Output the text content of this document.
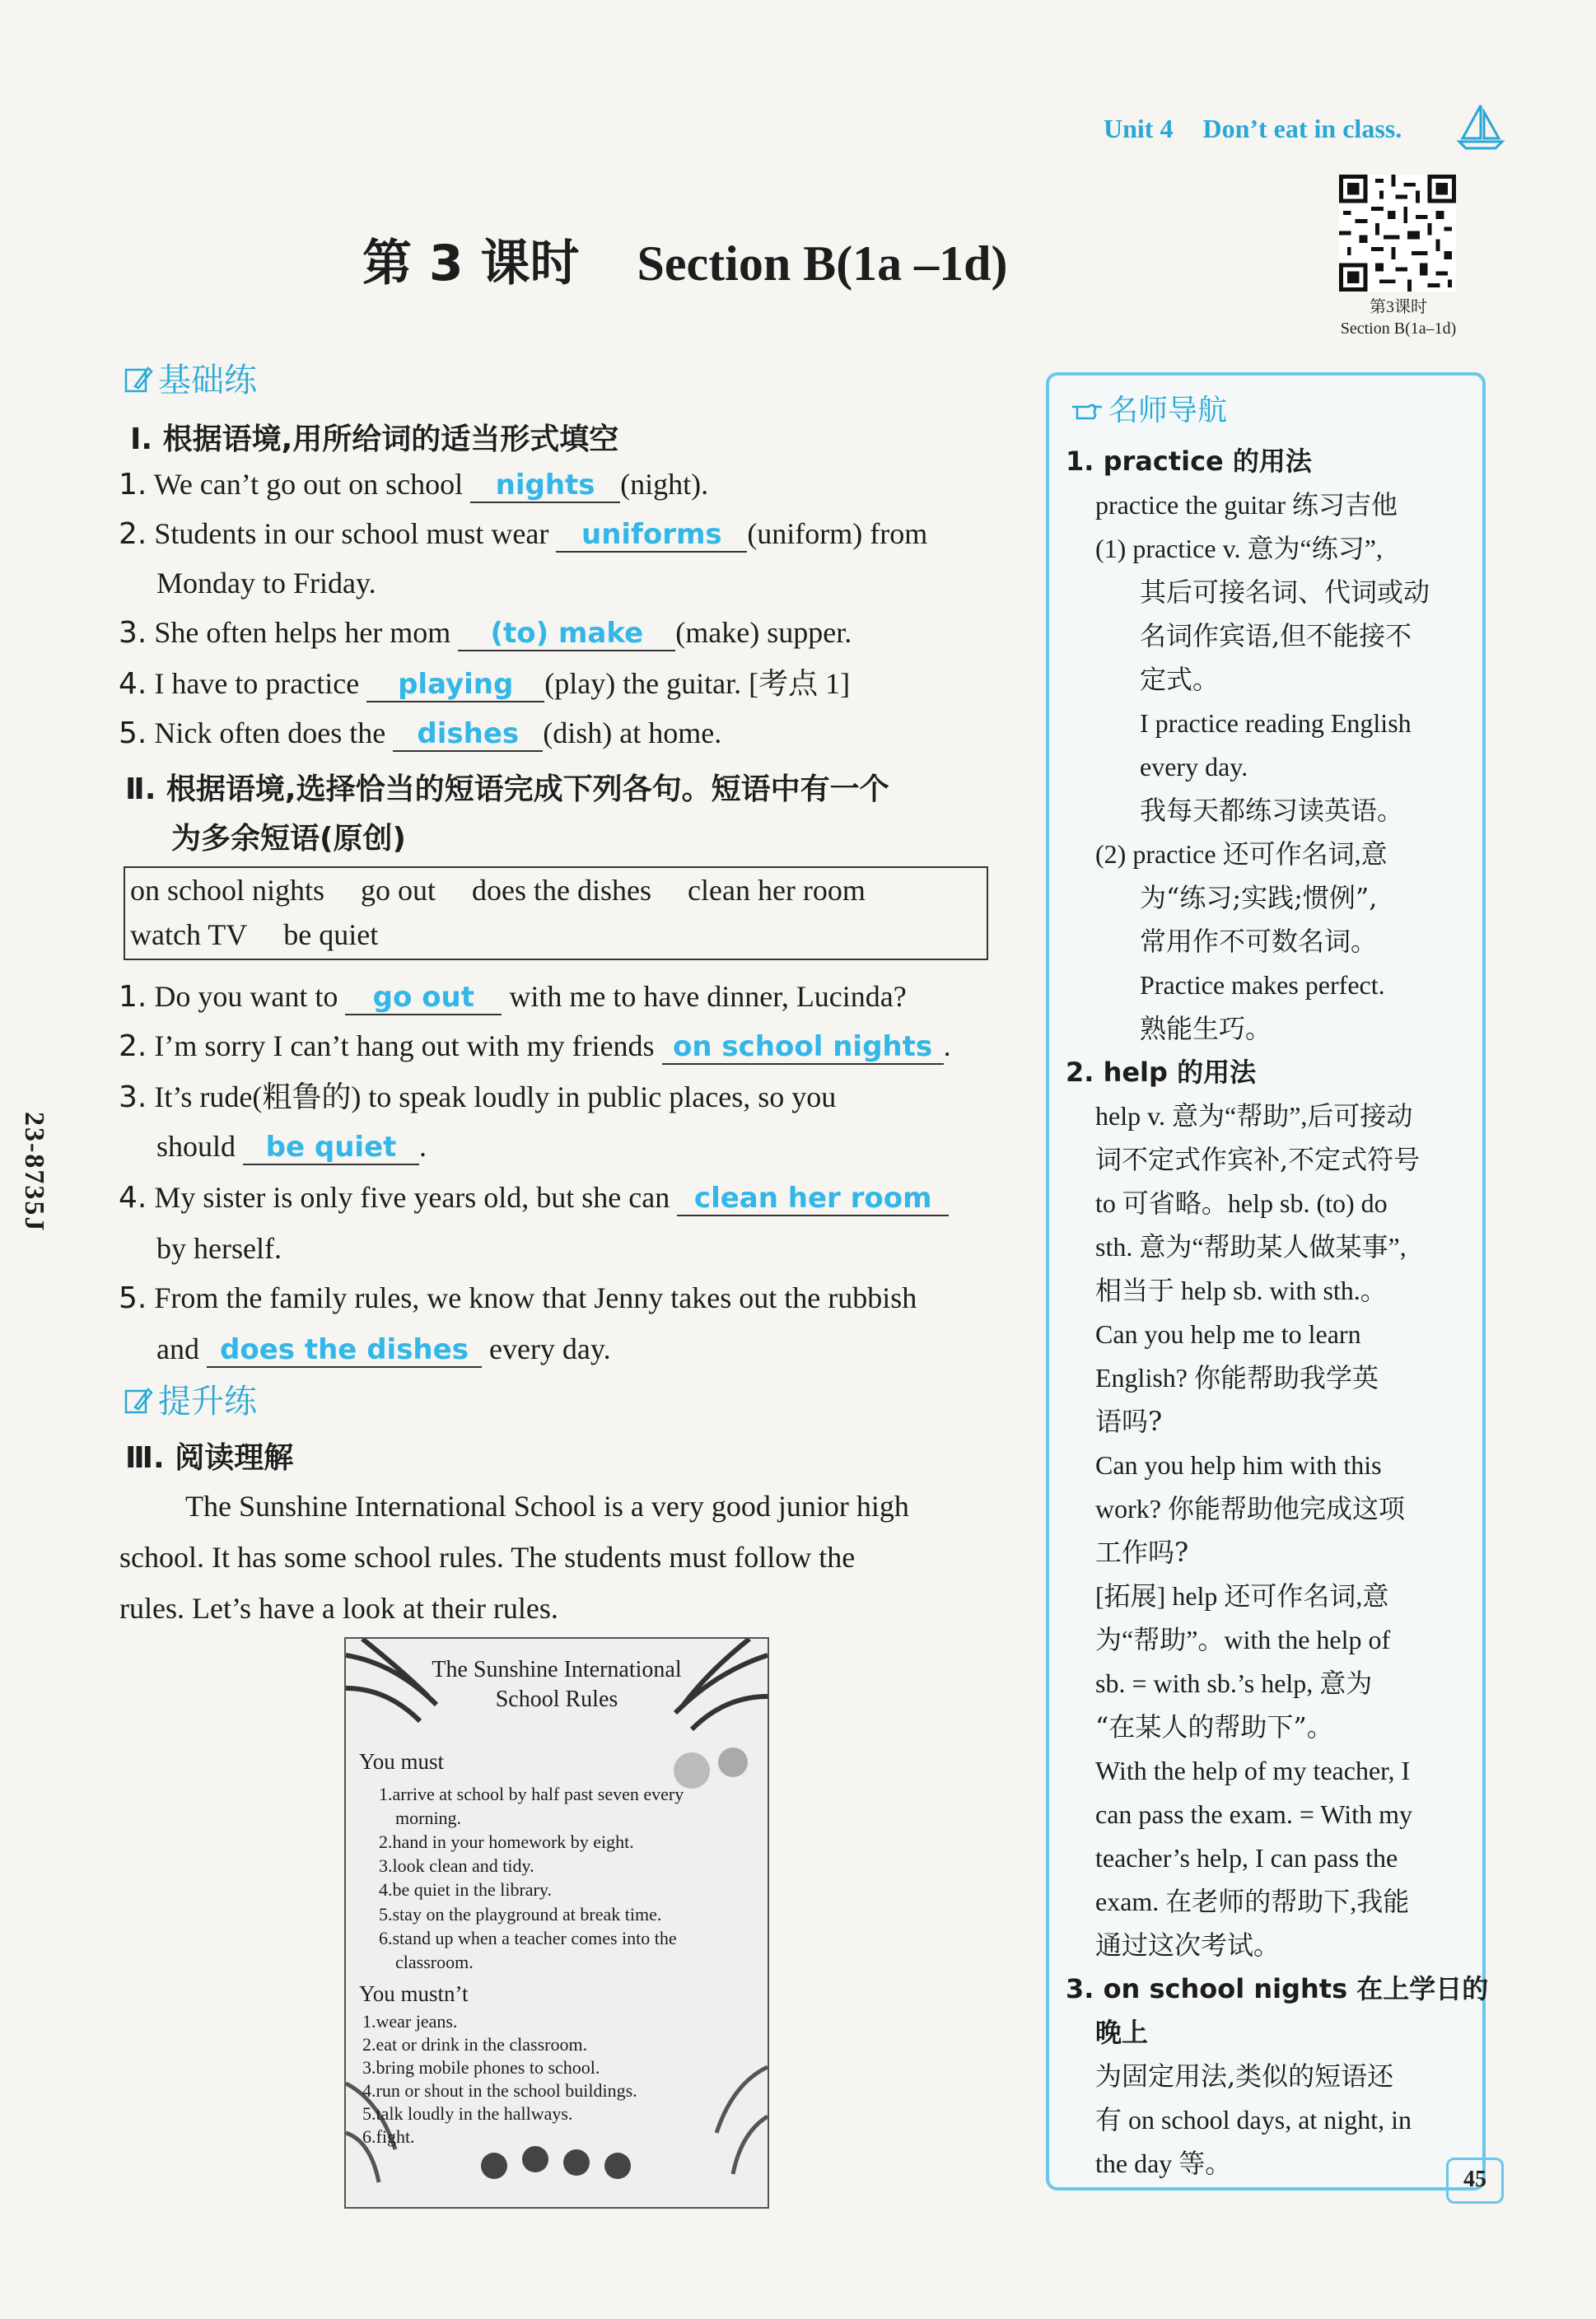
Unit 4 Don’t eat in class.
第3课时
Section B(1a–1d)
第 3 课时 Section B(1a –1d)
23-8735J
基础练
Ⅰ. 根据语境,用所给词的适当形式填空
1. We can’t go out on school nights (night).
2. Students in our school must wear uniforms (uniform) from
Monday to Friday.
3. She often helps her mom (to) make (make) supper.
4. I have to practice playing (play) the guitar. [考点 1]
5. Nick often does the dishes (dish) at home.
Ⅱ. 根据语境,选择恰当的短语完成下列各句。短语中有一个
为多余短语(原创)
on school nights go out does the dishes clean her room
watch TV be quiet
1. Do you want to go out with me to have dinner, Lucinda?
2. I’m sorry I can’t hang out with my friends on school nights .
3. It’s rude(粗鲁的) to speak loudly in public places, so you
should be quiet .
4. My sister is only five years old, but she can clean her room
by herself.
5. From the family rules, we know that Jenny takes out the rubbish
and does the dishes every day.
提升练
Ⅲ. 阅读理解
The Sunshine International School is a very good junior high
school. It has some school rules. The students must follow the
rules. Let’s have a look at their rules.
The Sunshine International
School Rules
You must
1.arrive at school by half past seven every
morning.
2.hand in your homework by eight.
3.look clean and tidy.
4.be quiet in the library.
5.stay on the playground at break time.
6.stand up when a teacher comes into the
classroom.
You mustn’t
1.wear jeans.
2.eat or drink in the classroom.
3.bring mobile phones to school.
4.run or shout in the school buildings.
5.talk loudly in the hallways.
6.fight.
名师导航
1. practice 的用法
practice the guitar 练习吉他
(1) practice v. 意为“练习”,
其后可接名词、代词或动
名词作宾语,但不能接不
定式。
I practice reading English
every day.
我每天都练习读英语。
(2) practice 还可作名词,意
为“练习;实践;惯例”,
常用作不可数名词。
Practice makes perfect.
熟能生巧。
2. help 的用法
help v. 意为“帮助”,后可接动
词不定式作宾补,不定式符号
to 可省略。help sb. (to) do
sth. 意为“帮助某人做某事”,
相当于 help sb. with sth.。
Can you help me to learn
English? 你能帮助我学英
语吗?
Can you help him with this
work? 你能帮助他完成这项
工作吗?
[拓展] help 还可作名词,意
为“帮助”。with the help of
sb. = with sb.’s help, 意为
“在某人的帮助下”。
With the help of my teacher, I
can pass the exam. = With my
teacher’s help, I can pass the
exam. 在老师的帮助下,我能
通过这次考试。
3. on school nights 在上学日的
晚上
为固定用法,类似的短语还
有 on school days, at night, in
the day 等。
45
